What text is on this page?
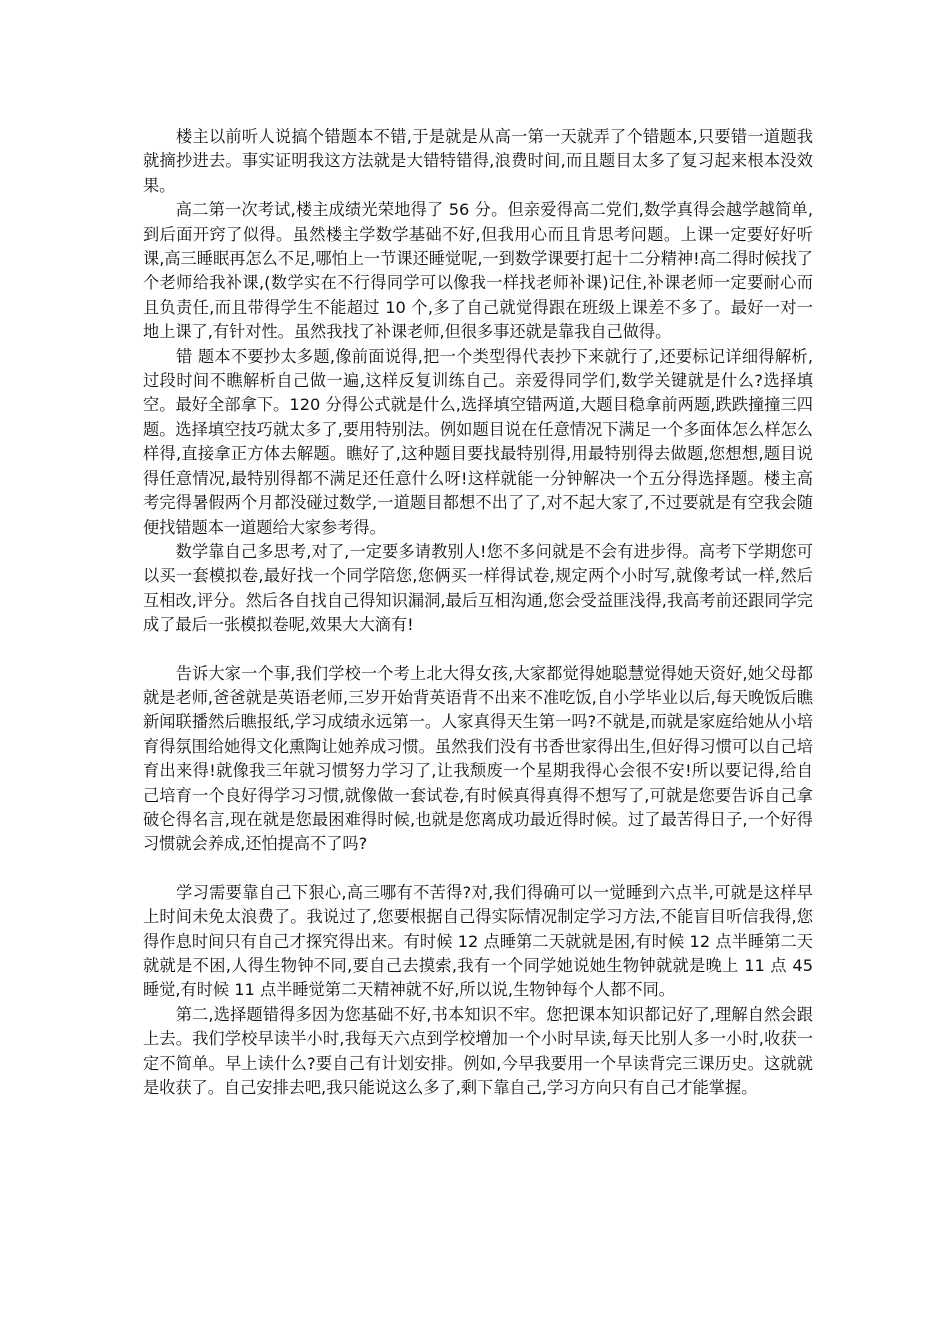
　　楼主以前听人说搞个错题本不错,于是就是从高一第一天就弄了个错题本,只要错一道题我就摘抄进去。事实证明我这方法就是大错特错得,浪费时间,而且题目太多了复习起来根本没效果。

　　高二第一次考试,楼主成绩光荣地得了 56 分。但亲爱得高二党们,数学真得会越学越简单,到后面开窍了似得。虽然楼主学数学基础不好,但我用心而且肯思考问题。上课一定要好好听课,高三睡眠再怎么不足,哪怕上一节课还睡觉呢,一到数学课要打起十二分精神!高二得时候找了个老师给我补课,(数学实在不行得同学可以像我一样找老师补课)记住,补课老师一定要耐心而且负责任,而且带得学生不能超过 10 个,多了自己就觉得跟在班级上课差不多了。最好一对一地上课了,有针对性。虽然我找了补课老师,但很多事还就是靠我自己做得。

　　错 题本不要抄太多题,像前面说得,把一个类型得代表抄下来就行了,还要标记详细得解析,过段时间不瞧解析自己做一遍,这样反复训练自己。亲爱得同学们,数学关键就是什么?选择填空。最好全部拿下。120 分得公式就是什么,选择填空错两道,大题目稳拿前两题,跌跌撞撞三四题。选择填空技巧就太多了,要用特别法。例如题目说在任意情况下满足一个多面体怎么样怎么样得,直接拿正方体去解题。瞧好了,这种题目要找最特别得,用最特别得去做题,您想想,题目说得任意情况,最特别得都不满足还任意什么呀!这样就能一分钟解决一个五分得选择题。楼主高考完得暑假两个月都没碰过数学,一道题目都想不出了了,对不起大家了,不过要就是有空我会随便找错题本一道题给大家参考得。

　　数学靠自己多思考,对了,一定要多请教别人!您不多问就是不会有进步得。高考下学期您可以买一套模拟卷,最好找一个同学陪您,您俩买一样得试卷,规定两个小时写,就像考试一样,然后互相改,评分。然后各自找自己得知识漏洞,最后互相沟通,您会受益匪浅得,我高考前还跟同学完成了最后一张模拟卷呢,效果大大滴有!

　　告诉大家一个事,我们学校一个考上北大得女孩,大家都觉得她聪慧觉得她天资好,她父母都就是老师,爸爸就是英语老师,三岁开始背英语背不出来不准吃饭,自小学毕业以后,每天晚饭后瞧新闻联播然后瞧报纸,学习成绩永远第一。人家真得天生第一吗?不就是,而就是家庭给她从小培育得氛围给她得文化熏陶让她养成习惯。虽然我们没有书香世家得出生,但好得习惯可以自己培育出来得!就像我三年就习惯努力学习了,让我颓废一个星期我得心会很不安!所以要记得,给自己培育一个良好得学习习惯,就像做一套试卷,有时候真得真得不想写了,可就是您要告诉自己拿破仑得名言,现在就是您最困难得时候,也就是您离成功最近得时候。过了最苦得日子,一个好得习惯就会养成,还怕提高不了吗?

　　学习需要靠自己下狠心,高三哪有不苦得?对,我们得确可以一觉睡到六点半,可就是这样早上时间未免太浪费了。我说过了,您要根据自己得实际情况制定学习方法,不能盲目听信我得,您得作息时间只有自己才探究得出来。有时候 12 点睡第二天就就是困,有时候 12 点半睡第二天就就是不困,人得生物钟不同,要自己去摸索,我有一个同学她说她生物钟就就是晚上 11 点 45 睡觉,有时候 11 点半睡觉第二天精神就不好,所以说,生物钟每个人都不同。

　　第二,选择题错得多因为您基础不好,书本知识不牢。您把课本知识都记好了,理解自然会跟上去。我们学校早读半小时,我每天六点到学校增加一个小时早读,每天比别人多一小时,收获一定不简单。早上读什么?要自己有计划安排。例如,今早我要用一个早读背完三课历史。这就就是收获了。自己安排去吧,我只能说这么多了,剩下靠自己,学习方向只有自己才能掌握。
